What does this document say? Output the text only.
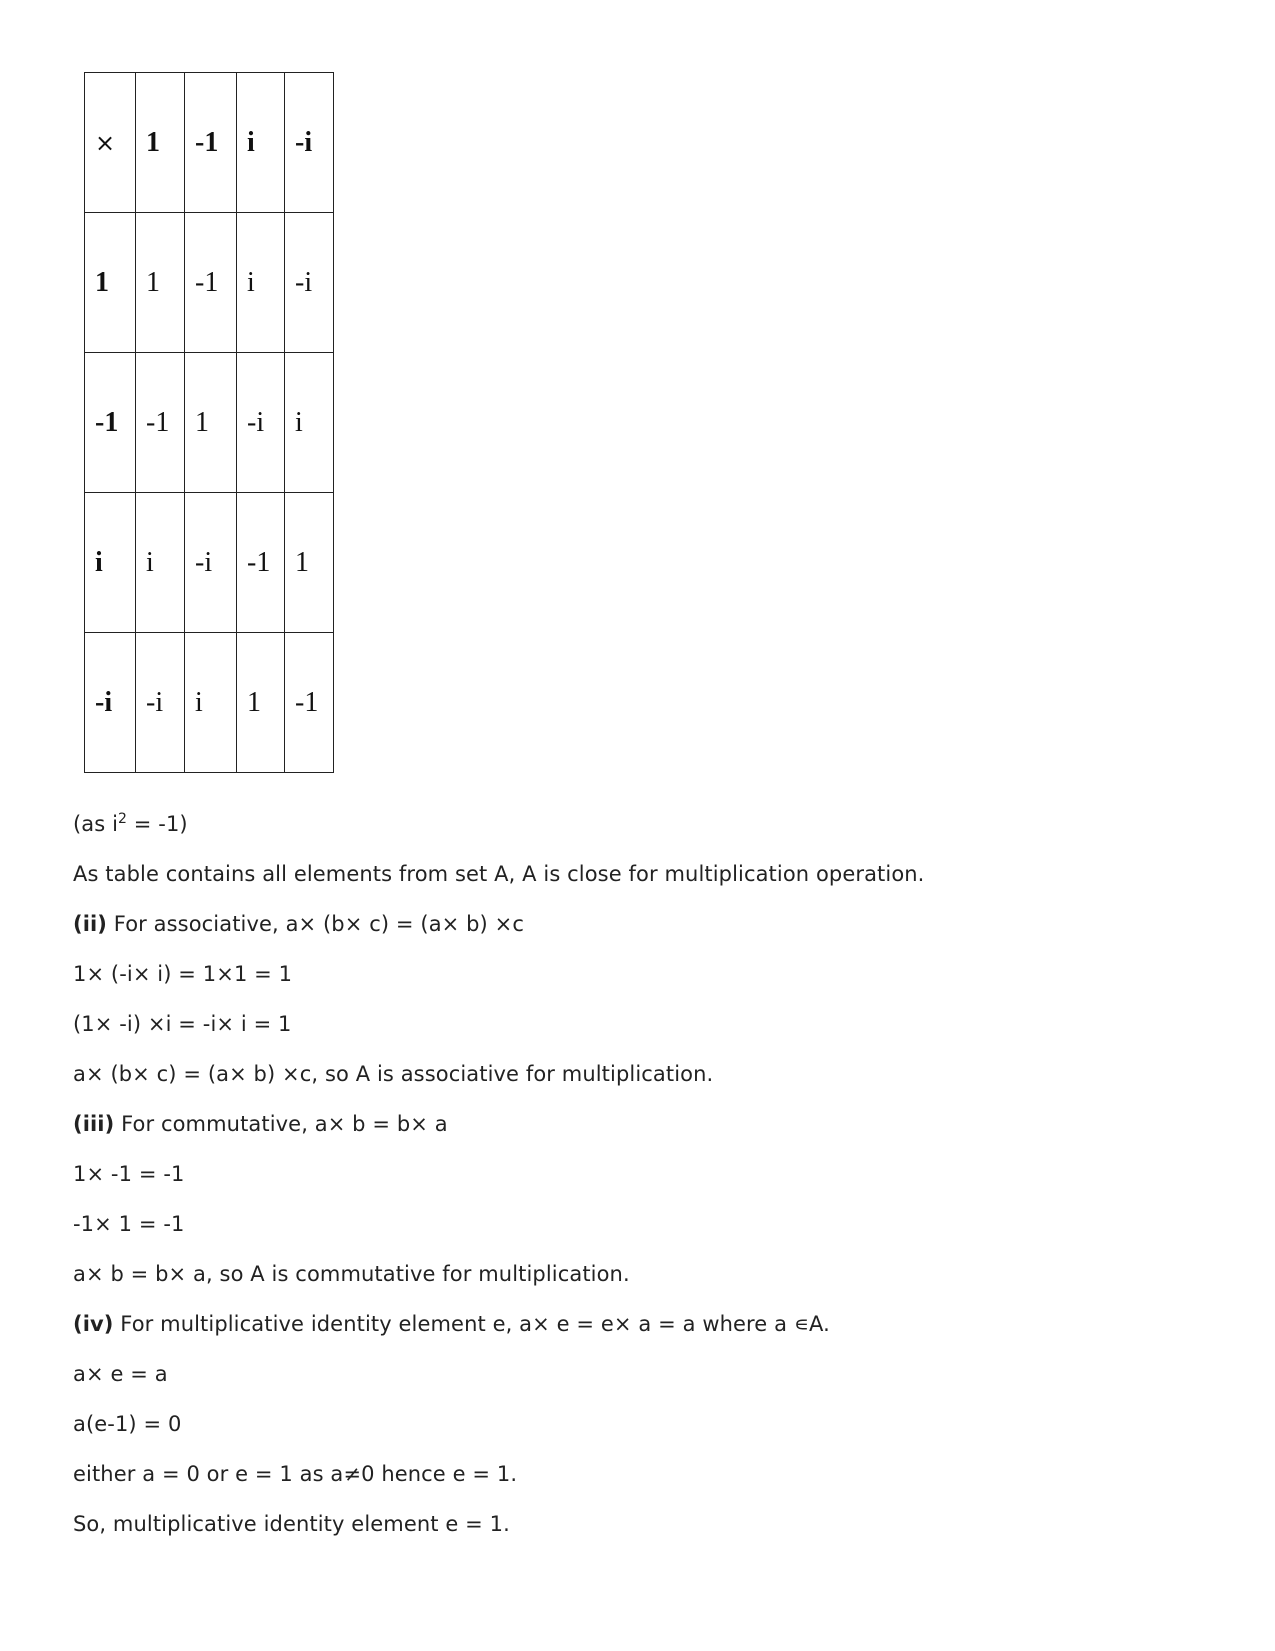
×	1	-1	i	-i
1	1	-1	i	-i
-1	-1	1	-i	i
i	i	-i	-1	1
-i	-i	i	1	-1
(as $i^2 = -1$)
As table contains all elements from set A, A is close for multiplication operation.
(ii) For associative, a× (b× c) = (a× b) ×c
1× (-i× i) = 1×1 = 1
(1× -i) ×i = -i× i = 1
a× (b× c) = (a× b) ×c, so A is associative for multiplication.
(iii) For commutative, a× b = b× a
1× -1 = -1
-1× 1 = -1
a× b = b× a, so A is commutative for multiplication.
(iv) For multiplicative identity element e, a× e = e× a = a where a ∊A.
a× e = a
a(e-1) = 0
either a = 0 or e = 1 as a≠0 hence e = 1.
So, multiplicative identity element e = 1.
